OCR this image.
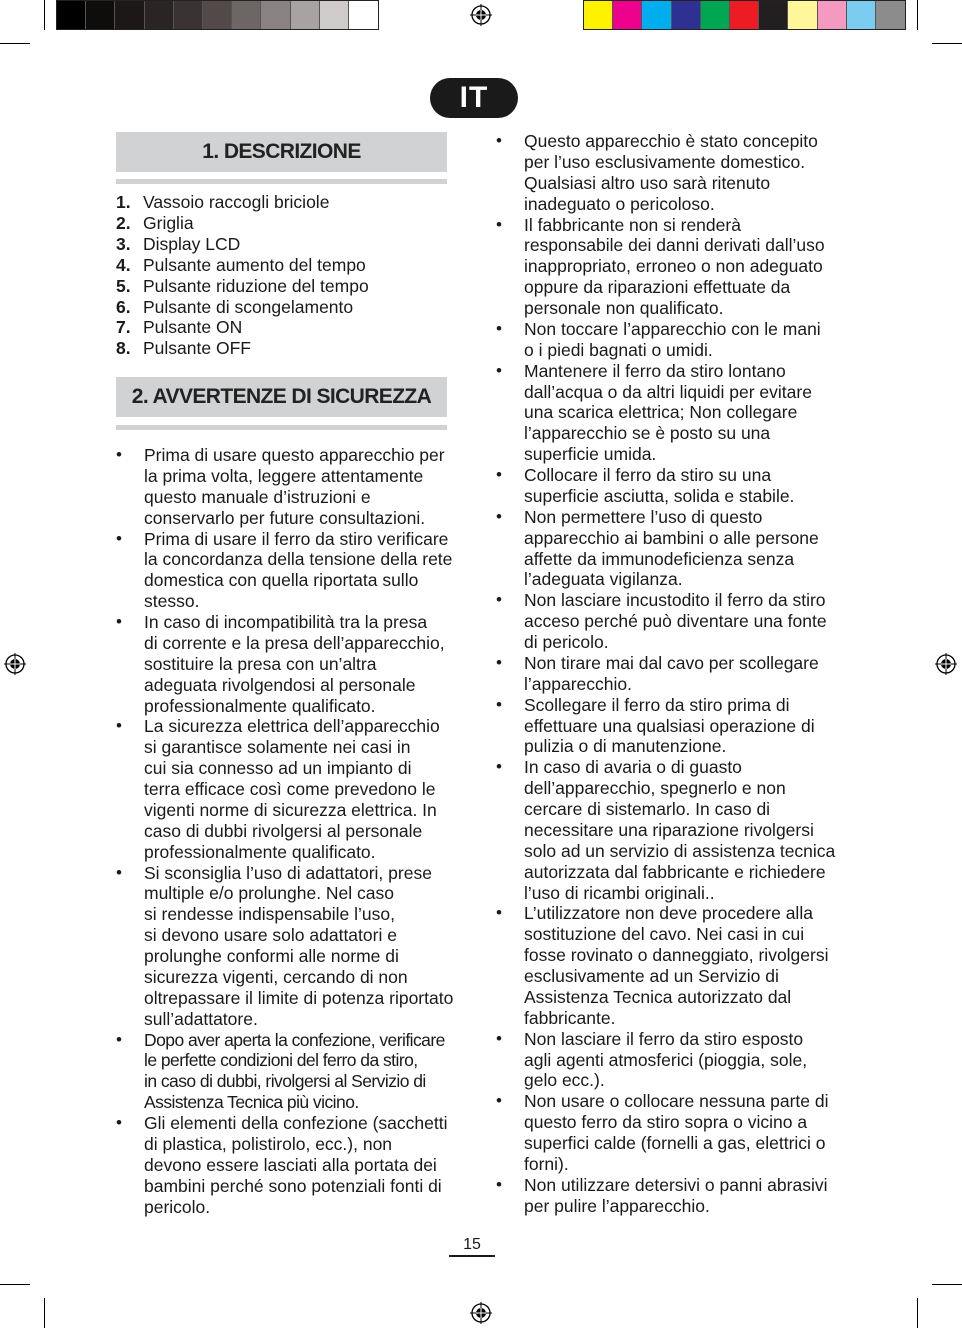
IT
1. DESCRIZIONE
1. Vassoio raccogli briciole
2. Griglia
3. Display LCD
4. Pulsante aumento del tempo
5. Pulsante riduzione del tempo
6. Pulsante di scongelamento
7. Pulsante ON
8. Pulsante OFF
2. AVVERTENZE DI SICUREZZA
• Prima di usare questo apparecchio per
la prima volta, leggere attentamente
questo manuale d’istruzioni e
conservarlo per future consultazioni.
• Prima di usare il ferro da stiro verificare
la concordanza della tensione della rete
domestica con quella riportata sullo
stesso.
• In caso di incompatibilità tra la presa
di corrente e la presa dell’apparecchio,
sostituire la presa con un’altra
adeguata rivolgendosi al personale
professionalmente qualificato.
• La sicurezza elettrica dell’apparecchio
si garantisce solamente nei casi in
cui sia connesso ad un impianto di
terra efficace così come prevedono le
vigenti norme di sicurezza elettrica. In
caso di dubbi rivolgersi al personale
professionalmente qualificato.
• Si sconsiglia l’uso di adattatori, prese
multiple e/o prolunghe. Nel caso
si rendesse indispensabile l’uso,
si devono usare solo adattatori e
prolunghe conformi alle norme di
sicurezza vigenti, cercando di non
oltrepassare il limite di potenza riportato
sull’adattatore.
• Dopo aver aperta la confezione, verificare
le perfette condizioni del ferro da stiro,
in caso di dubbi, rivolgersi al Servizio di
Assistenza Tecnica più vicino.
• Gli elementi della confezione (sacchetti
di plastica, polistirolo, ecc.), non
devono essere lasciati alla portata dei
bambini perché sono potenziali fonti di
pericolo.
• Questo apparecchio è stato concepito
per l’uso esclusivamente domestico.
Qualsiasi altro uso sarà ritenuto
inadeguato o pericoloso.
• Il fabbricante non si renderà
responsabile dei danni derivati dall’uso
inappropriato, erroneo o non adeguato
oppure da riparazioni effettuate da
personale non qualificato.
• Non toccare l’apparecchio con le mani
o i piedi bagnati o umidi.
• Mantenere il ferro da stiro lontano
dall’acqua o da altri liquidi per evitare
una scarica elettrica; Non collegare
l’apparecchio se è posto su una
superficie umida.
• Collocare il ferro da stiro su una
superficie asciutta, solida e stabile.
• Non permettere l’uso di questo
apparecchio ai bambini o alle persone
affette da immunodeficienza senza
l’adeguata vigilanza.
• Non lasciare incustodito il ferro da stiro
acceso perché può diventare una fonte
di pericolo.
• Non tirare mai dal cavo per scollegare
l’apparecchio.
• Scollegare il ferro da stiro prima di
effettuare una qualsiasi operazione di
pulizia o di manutenzione.
• In caso di avaria o di guasto
dell’apparecchio, spegnerlo e non
cercare di sistemarlo. In caso di
necessitare una riparazione rivolgersi
solo ad un servizio di assistenza tecnica
autorizzata dal fabbricante e richiedere
l’uso di ricambi originali..
• L’utilizzatore non deve procedere alla
sostituzione del cavo. Nei casi in cui
fosse rovinato o danneggiato, rivolgersi
esclusivamente ad un Servizio di
Assistenza Tecnica autorizzato dal
fabbricante.
• Non lasciare il ferro da stiro esposto
agli agenti atmosferici (pioggia, sole,
gelo ecc.).
• Non usare o collocare nessuna parte di
questo ferro da stiro sopra o vicino a
superfici calde (fornelli a gas, elettrici o
forni).
• Non utilizzare detersivi o panni abrasivi
per pulire l’apparecchio.
15
